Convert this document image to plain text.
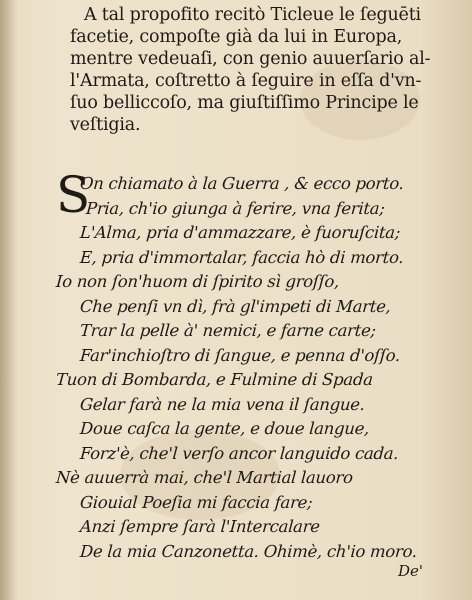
A tal propofito recitò Ticleue le ſeguēti
facetie, compoſte già da lui in Europa,
mentre vedeuaſi, con genio auuerſario al-
l'Armata, coſtretto à ſeguire in eſſa d'vn-
ſuo belliccoſo, ma giuſtiſſimo Principe le
veſtigia.
S
On chiamato à la Guerra , & ecco porto.
Pria, ch'io giunga à ferire, vna ferita;
L'Alma, pria d'ammazzare, è fuoruſcita;
E, pria d'immortalar, faccia hò di morto.
Io non ſon'huom di ſpirito sì groſſo,
Che penſi vn dì, frà gl'impeti di Marte,
Trar la pelle à' nemici, e farne carte;
Far'inchioſtro di ſangue, e penna d'oſſo.
Tuon di Bombarda, e Fulmine di Spada
Gelar farà ne la mia vena il ſangue.
Doue caſca la gente, e doue langue,
Forz'è, che'l verſo ancor languido cada.
Nè auuerrà mai, che'l Martial lauoro
Giouial Poeſia mi faccia fare;
Anzi ſempre ſarà l'Intercalare
De la mia Canzonetta. Ohimè, ch'io moro.
De'
